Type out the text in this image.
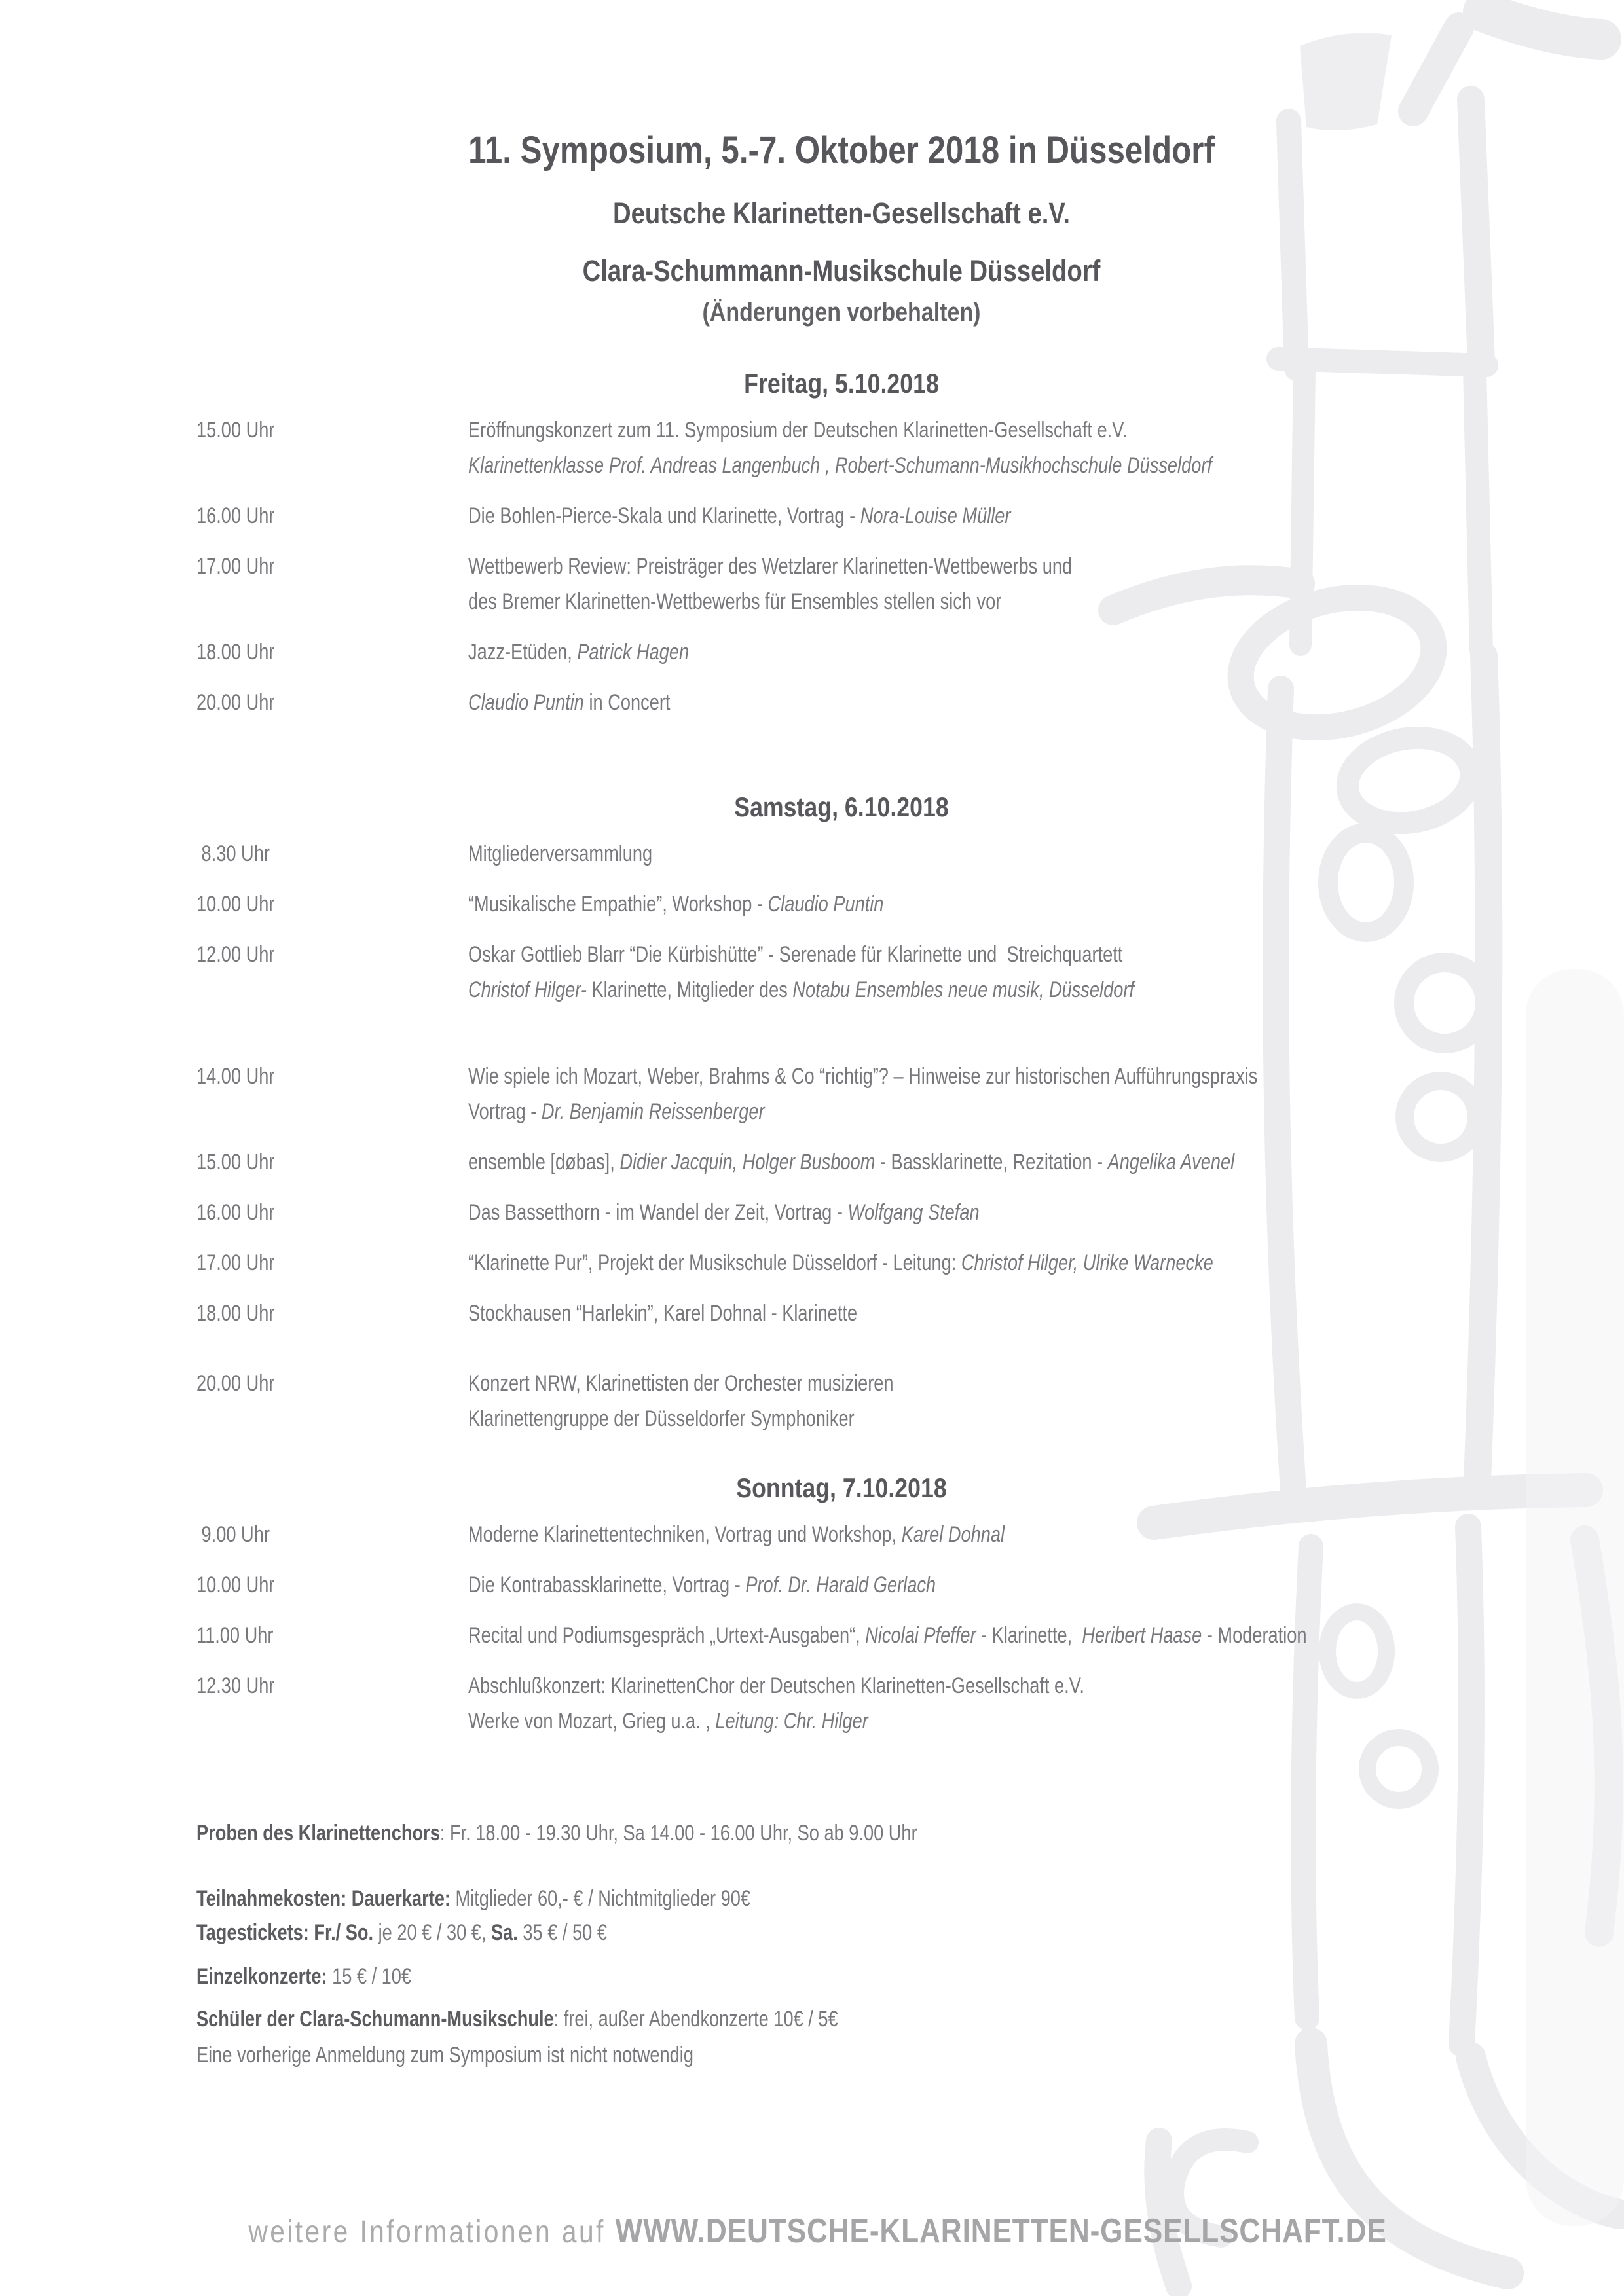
11. Symposium, 5.-7. Oktober 2018 in Düsseldorf
Deutsche Klarinetten-Gesellschaft e.V.
Clara-Schummann-Musikschule Düsseldorf
(Änderungen vorbehalten)
Freitag, 5.10.2018
15.00 Uhr	Eröffnungskonzert zum 11. Symposium der Deutschen Klarinetten-Gesellschaft e.V.
Klarinettenklasse Prof. Andreas Langenbuch , Robert-Schumann-Musikhochschule Düsseldorf
16.00 Uhr	Die Bohlen-Pierce-Skala und Klarinette, Vortrag - Nora-Louise Müller
17.00 Uhr	Wettbewerb Review: Preisträger des Wetzlarer Klarinetten-Wettbewerbs und
des Bremer Klarinetten-Wettbewerbs für Ensembles stellen sich vor
18.00 Uhr	Jazz-Etüden, Patrick Hagen
20.00 Uhr	Claudio Puntin in Concert
Samstag, 6.10.2018
8.30 Uhr	Mitgliederversammlung
10.00 Uhr	“Musikalische Empathie”, Workshop - Claudio Puntin
12.00 Uhr	Oskar Gottlieb Blarr “Die Kürbishütte” - Serenade für Klarinette und  Streichquartett
Christof Hilger- Klarinette, Mitglieder des Notabu Ensembles neue musik, Düsseldorf
14.00 Uhr	Wie spiele ich Mozart, Weber, Brahms & Co “richtig”? – Hinweise zur historischen Aufführungspraxis
Vortrag - Dr. Benjamin Reissenberger
15.00 Uhr	ensemble [døbas], Didier Jacquin, Holger Busboom - Bassklarinette, Rezitation - Angelika Avenel
16.00 Uhr	Das Bassetthorn - im Wandel der Zeit, Vortrag - Wolfgang Stefan
17.00 Uhr	“Klarinette Pur”, Projekt der Musikschule Düsseldorf - Leitung: Christof Hilger, Ulrike Warnecke
18.00 Uhr	Stockhausen “Harlekin”, Karel Dohnal - Klarinette
20.00 Uhr	Konzert NRW, Klarinettisten der Orchester musizieren
Klarinettengruppe der Düsseldorfer Symphoniker
Sonntag, 7.10.2018
9.00 Uhr	Moderne Klarinettentechniken, Vortrag und Workshop, Karel Dohnal
10.00 Uhr	Die Kontrabassklarinette, Vortrag - Prof. Dr. Harald Gerlach
11.00 Uhr	Recital und Podiumsgespräch „Urtext-Ausgaben“, Nicolai Pfeffer - Klarinette,  Heribert Haase - Moderation
12.30 Uhr	Abschlußkonzert: KlarinettenChor der Deutschen Klarinetten-Gesellschaft e.V.
Werke von Mozart, Grieg u.a. , Leitung: Chr. Hilger
Proben des Klarinettenchors: Fr. 18.00 - 19.30 Uhr, Sa 14.00 - 16.00 Uhr, So ab 9.00 Uhr
Teilnahmekosten: Dauerkarte: Mitglieder 60,- € / Nichtmitglieder 90€
Tagestickets: Fr./ So. je 20 € / 30 €, Sa. 35 € / 50 €
Einzelkonzerte: 15 € / 10€
Schüler der Clara-Schumann-Musikschule: frei, außer Abendkonzerte 10€ / 5€
Eine vorherige Anmeldung zum Symposium ist nicht notwendig

weitere Informationen auf WWW.DEUTSCHE-KLARINETTEN-GESELLSCHAFT.DE
